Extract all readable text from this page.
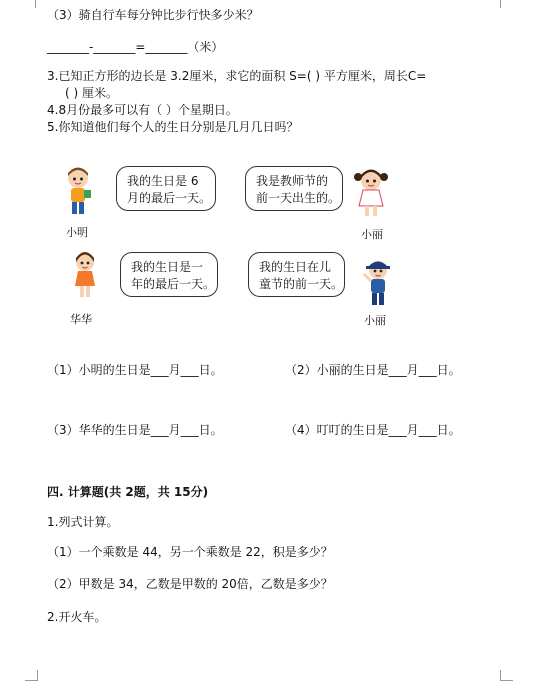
（3）骑自行车每分钟比步行快多少米？
_______-_______=_______（米）
3.已知正方形的边长是 3.2厘米，求它的面积 S=( ) 平方厘米，周长C=
( ) 厘米。
4.8月份最多可以有（ ）个星期日。
5.你知道他们每个人的生日分别是几月几日吗？
小明
我的生日是 6
月的最后一天。
我是教师节的
前一天出生的。
小丽
华华
我的生日是一
年的最后一天。
我的生日在儿
童节的前一天。
小丽
（1）小明的生日是___月___日。	（2）小丽的生日是___月___日。
（3）华华的生日是___月___日。	（4）叮叮的生日是___月___日。
四. 计算题(共 2题，共 15分)
1.列式计算。
（1）一个乘数是 44，另一个乘数是 22，积是多少？
（2）甲数是 34，乙数是甲数的 20倍，乙数是多少？
2.开火车。
